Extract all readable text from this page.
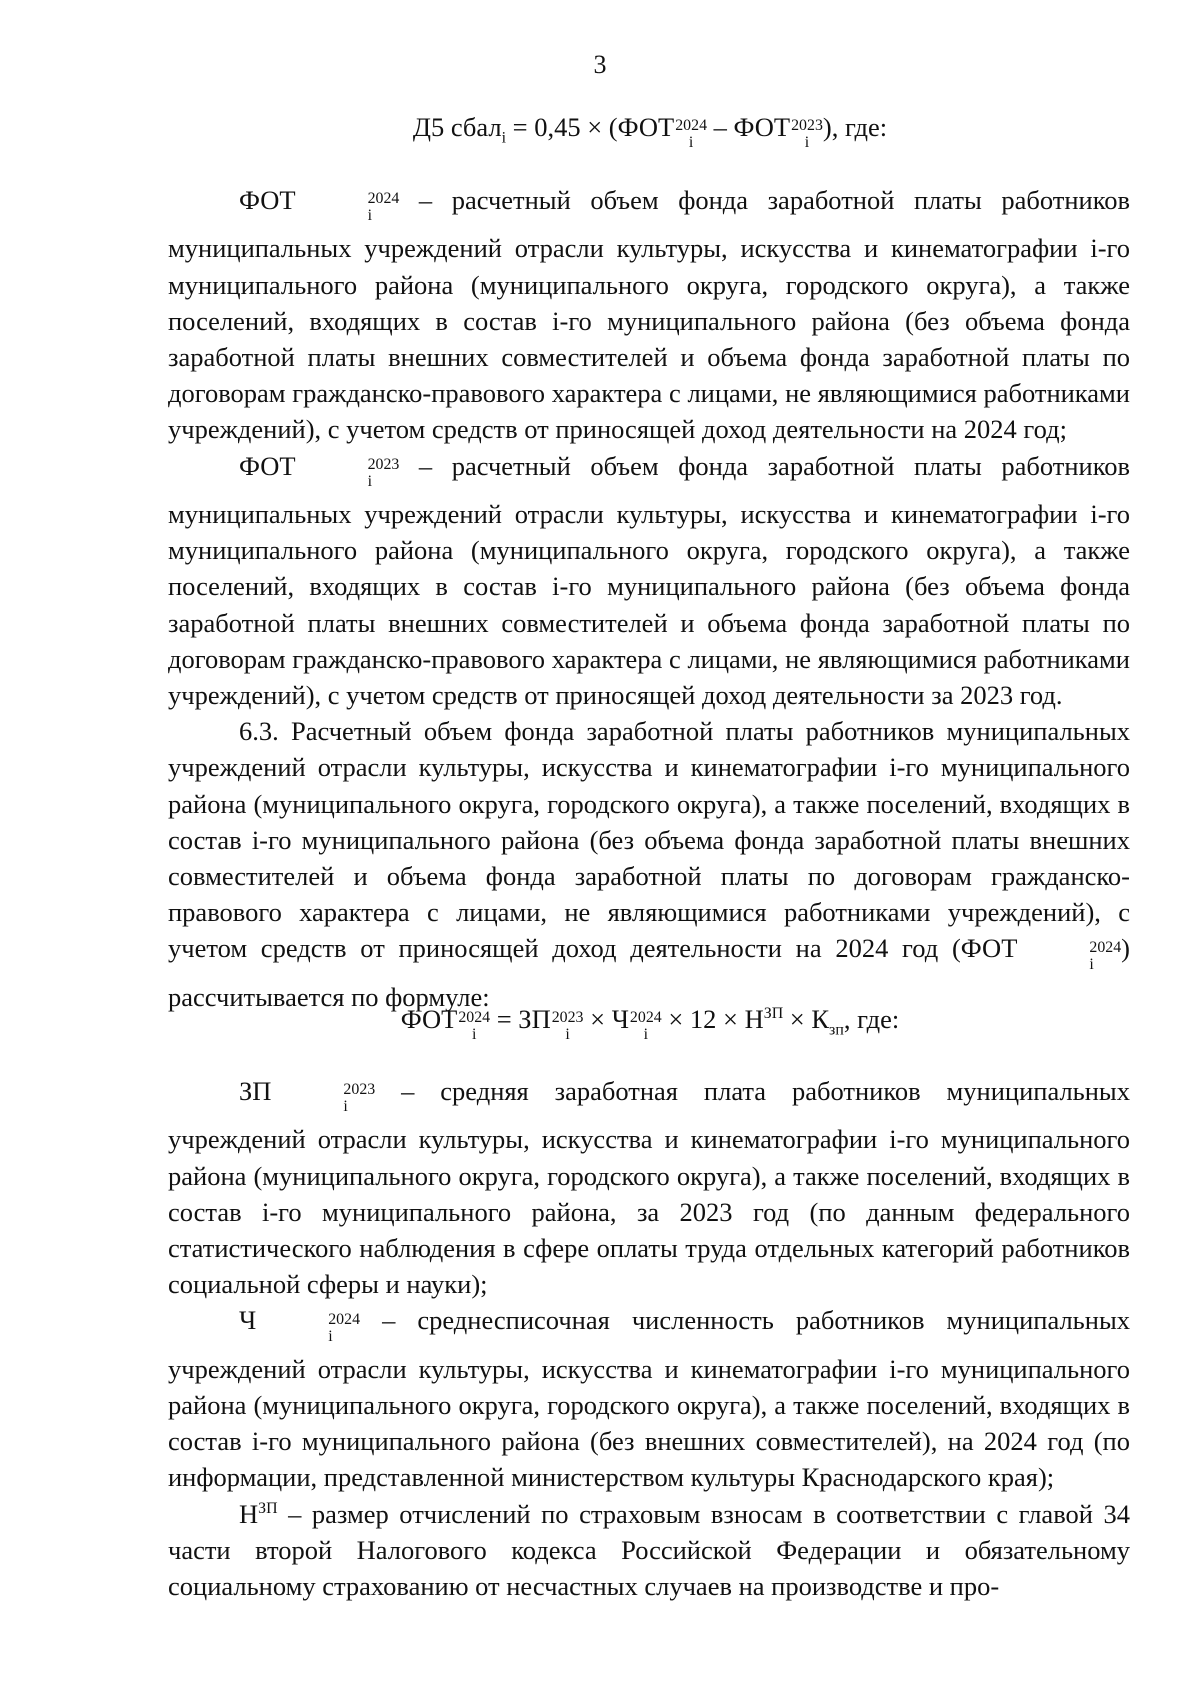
3
Д5 сбал$_i$ = 0,45 × (ФОТ 2024
i
– ФОТ 2023
i
), где:

ФОТ	2024
i
– расчетный объем фонда заработной платы работников муниципальных учреждений отрасли культуры, искусства и кинематографии i-го муниципального района (муниципального округа, городского округа), а также поселений, входящих в состав i-го муниципального района (без объема фонда заработной платы внешних совместителей и объема фонда заработной платы по договорам гражданско-правового характера с лицами, не являющимися работниками учреждений), с учетом средств от приносящей доход деятельности на 2024 год;

ФОТ	2023
i
– расчетный объем фонда заработной платы работников муниципальных учреждений отрасли культуры, искусства и кинематографии i-го муниципального района (муниципального округа, городского округа), а также поселений, входящих в состав i-го муниципального района (без объема фонда заработной платы внешних совместителей и объема фонда заработной платы по договорам гражданско-правового характера с лицами, не являющимися работниками учреждений), с учетом средств от приносящей доход деятельности за 2023 год.

6.3. Расчетный объем фонда заработной платы работников муниципальных учреждений отрасли культуры, искусства и кинематографии i-го муниципального района (муниципального округа, городского округа), а также поселений, входящих в состав i-го муниципального района (без объема фонда заработной платы внешних совместителей и объема фонда заработной платы по договорам гражданско-правового характера с лицами, не являющимися работниками учреждений), с учетом средств от приносящей доход деятельности на 2024 год (ФОТ	2024
i
) рассчитывается по формуле:

ФОТ 2024
i
= ЗП 2023
i
× Ч 2024
i
× $12 \times Н^{ЗП} \times К_{зп}$, где:

ЗП	2023
i
– средняя заработная плата работников муниципальных учреждений отрасли культуры, искусства и кинематографии i-го муниципального района (муниципального округа, городского округа), а также поселений, входящих в состав i-го муниципального района, за 2023 год (по данным федерального статистического наблюдения в сфере оплаты труда отдельных категорий работников социальной сферы и науки);

Ч	2024
i
– среднесписочная численность работников муниципальных учреждений отрасли культуры, искусства и кинематографии i-го муниципального района (муниципального округа, городского округа), а также поселений, входящих в состав i-го муниципального района (без внешних совместителей), на 2024 год (по информации, представленной министерством культуры Краснодарского края);

$Н^{ЗП}$ – размер отчислений по страховым взносам в соответствии с главой 34 части второй Налогового кодекса Российской Федерации и обязательному социальному страхованию от несчастных случаев на производстве и про-
